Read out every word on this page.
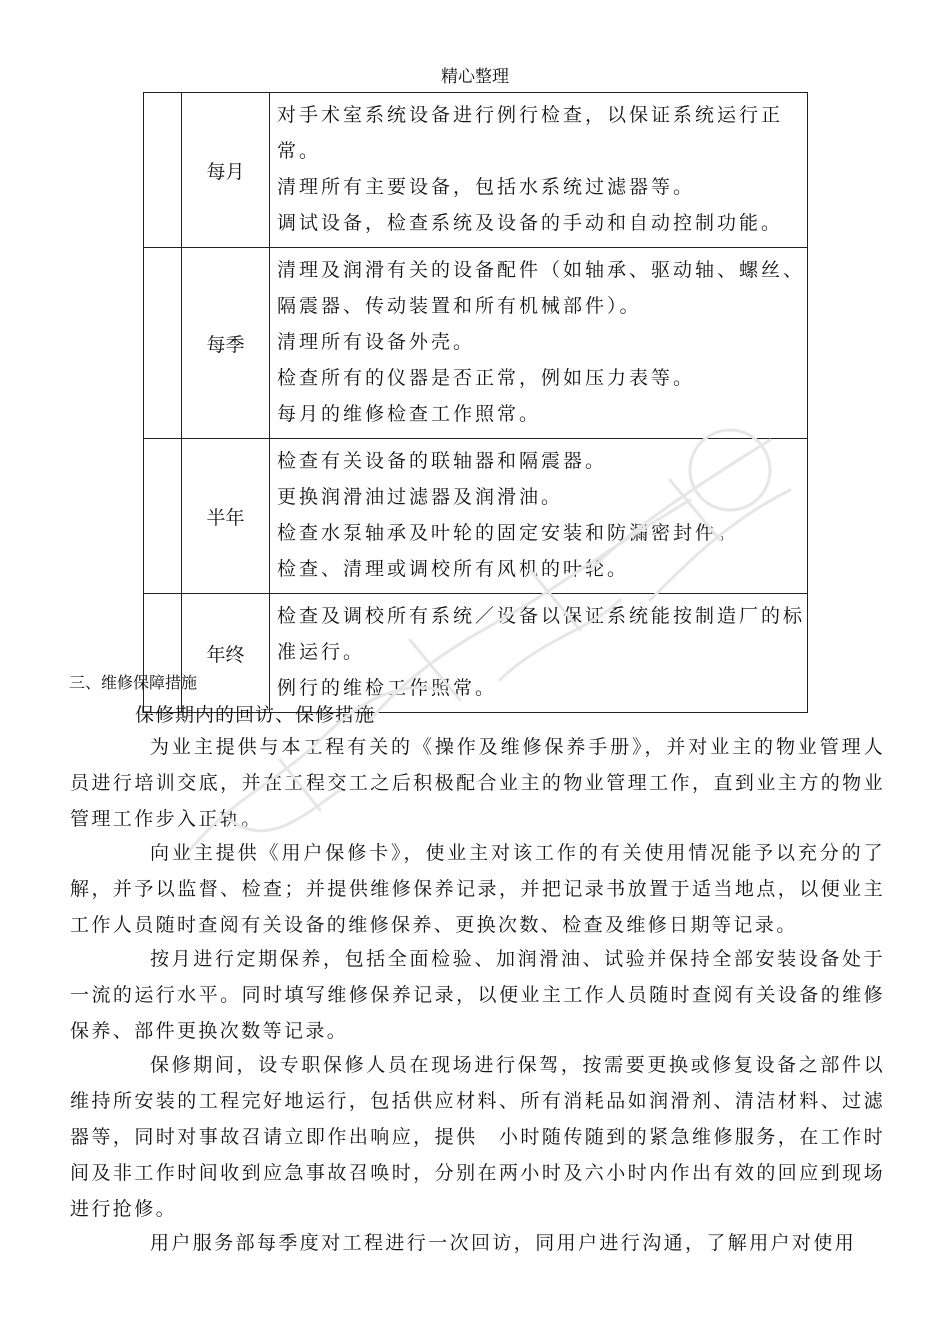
精心整理
	每月	对手术室系统设备进行例行检查，以保证系统运行正常。
清理所有主要设备，包括水系统过滤器等。
调试设备，检查系统及设备的手动和自动控制功能。

	每季	清理及润滑有关的设备配件（如轴承、驱动轴、螺丝、隔震器、传动装置和所有机械部件）。
清理所有设备外壳。
检查所有的仪器是否正常，例如压力表等。
每月的维修检查工作照常。

	半年	检查有关设备的联轴器和隔震器。
更换润滑油过滤器及润滑油。
检查水泵轴承及叶轮的固定安装和防漏密封件。
检查、清理或调校所有风机的叶轮。

	年终	检查及调校所有系统／设备以保证系统能按制造厂的标准运行。
例行的维检工作照常。
三、维修保障措施
保修期内的回访、保修措施
为业主提供与本工程有关的《操作及维修保养手册》，并对业主的物业管理人员进行培训交底，并在工程交工之后积极配合业主的物业管理工作，直到业主方的物业管理工作步入正轨。
向业主提供《用户保修卡》，使业主对该工作的有关使用情况能予以充分的了解，并予以监督、检查；并提供维修保养记录，并把记录书放置于适当地点，以便业主工作人员随时查阅有关设备的维修保养、更换次数、检查及维修日期等记录。
按月进行定期保养，包括全面检验、加润滑油、试验并保持全部安装设备处于一流的运行水平。同时填写维修保养记录，以便业主工作人员随时查阅有关设备的维修保养、部件更换次数等记录。
保修期间，设专职保修人员在现场进行保驾，按需要更换或修复设备之部件以维持所安装的工程完好地运行，包括供应材料、所有消耗品如润滑剂、清洁材料、过滤器等，同时对事故召请立即作出响应，提供　小时随传随到的紧急维修服务，在工作时间及非工作时间收到应急事故召唤时，分别在两小时及六小时内作出有效的回应到现场进行抢修。
用户服务部每季度对工程进行一次回访，同用户进行沟通，了解用户对使用
